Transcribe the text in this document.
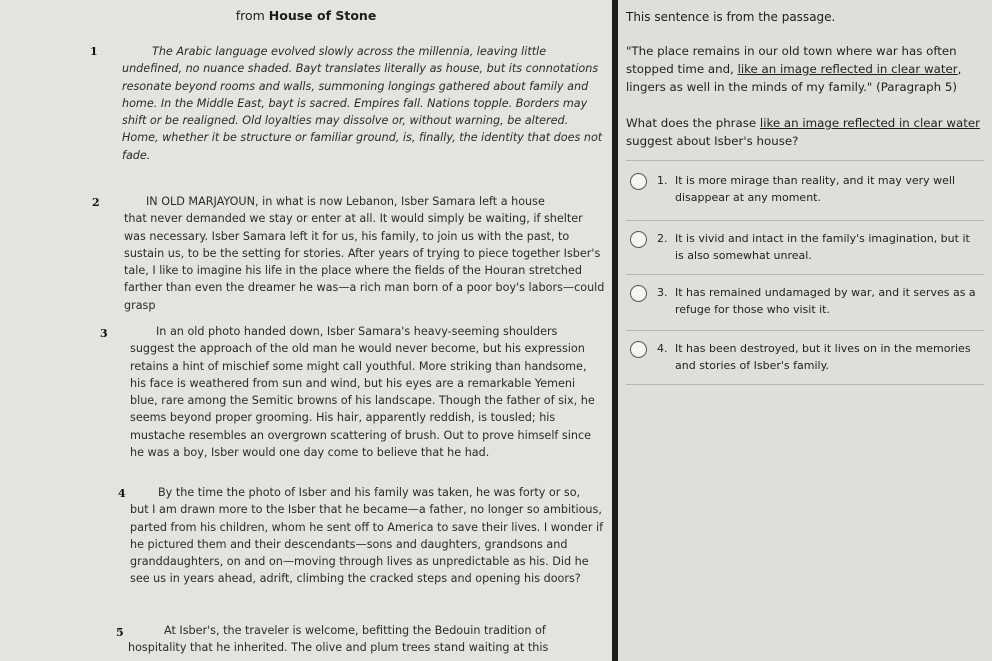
from House of Stone
1	The Arabic language evolved slowly across the millennia, leaving little
undefined, no nuance shaded. Bayt translates literally as house, but its connotations resonate beyond rooms and walls, summoning longings gathered about family and home. In the Middle East, bayt is sacred. Empires fall. Nations topple. Borders may shift or be realigned. Old loyalties may dissolve or, without warning, be altered. Home, whether it be structure or familiar ground, is, finally, the identity that does not fade.
2	IN OLD MARJAYOUN, in what is now Lebanon, Isber Samara left a house
that never demanded we stay or enter at all. It would simply be waiting, if shelter was necessary. Isber Samara left it for us, his family, to join us with the past, to sustain us, to be the setting for stories. After years of trying to piece together Isber's tale, I like to imagine his life in the place where the fields of the Houran stretched farther than even the dreamer he was—a rich man born of a poor boy's labors—could grasp
3	In an old photo handed down, Isber Samara's heavy-seeming shoulders
suggest the approach of the old man he would never become, but his expression retains a hint of mischief some might call youthful. More striking than handsome, his face is weathered from sun and wind, but his eyes are a remarkable Yemeni blue, rare among the Semitic browns of his landscape. Though the father of six, he seems beyond proper grooming. His hair, apparently reddish, is tousled; his mustache resembles an overgrown scattering of brush. Out to prove himself since he was a boy, Isber would one day come to believe that he had.
4	By the time the photo of Isber and his family was taken, he was forty or so,
but I am drawn more to the Isber that he became—a father, no longer so ambitious, parted from his children, whom he sent off to America to save their lives. I wonder if he pictured them and their descendants—sons and daughters, grandsons and granddaughters, on and on—moving through lives as unpredictable as his. Did he see us in years ahead, adrift, climbing the cracked steps and opening his doors?
5	At Isber's, the traveler is welcome, befitting the Bedouin tradition of
hospitality that he inherited. The olive and plum trees stand waiting at this
This sentence is from the passage.
"The place remains in our old town where war has often stopped time and, like an image reflected in clear water, lingers as well in the minds of my family." (Paragraph 5)
What does the phrase like an image reflected in clear water suggest about Isber's house?
1. It is more mirage than reality, and it may very well disappear at any moment.
2. It is vivid and intact in the family's imagination, but it is also somewhat unreal.
3. It has remained undamaged by war, and it serves as a refuge for those who visit it.
4. It has been destroyed, but it lives on in the memories and stories of Isber's family.
